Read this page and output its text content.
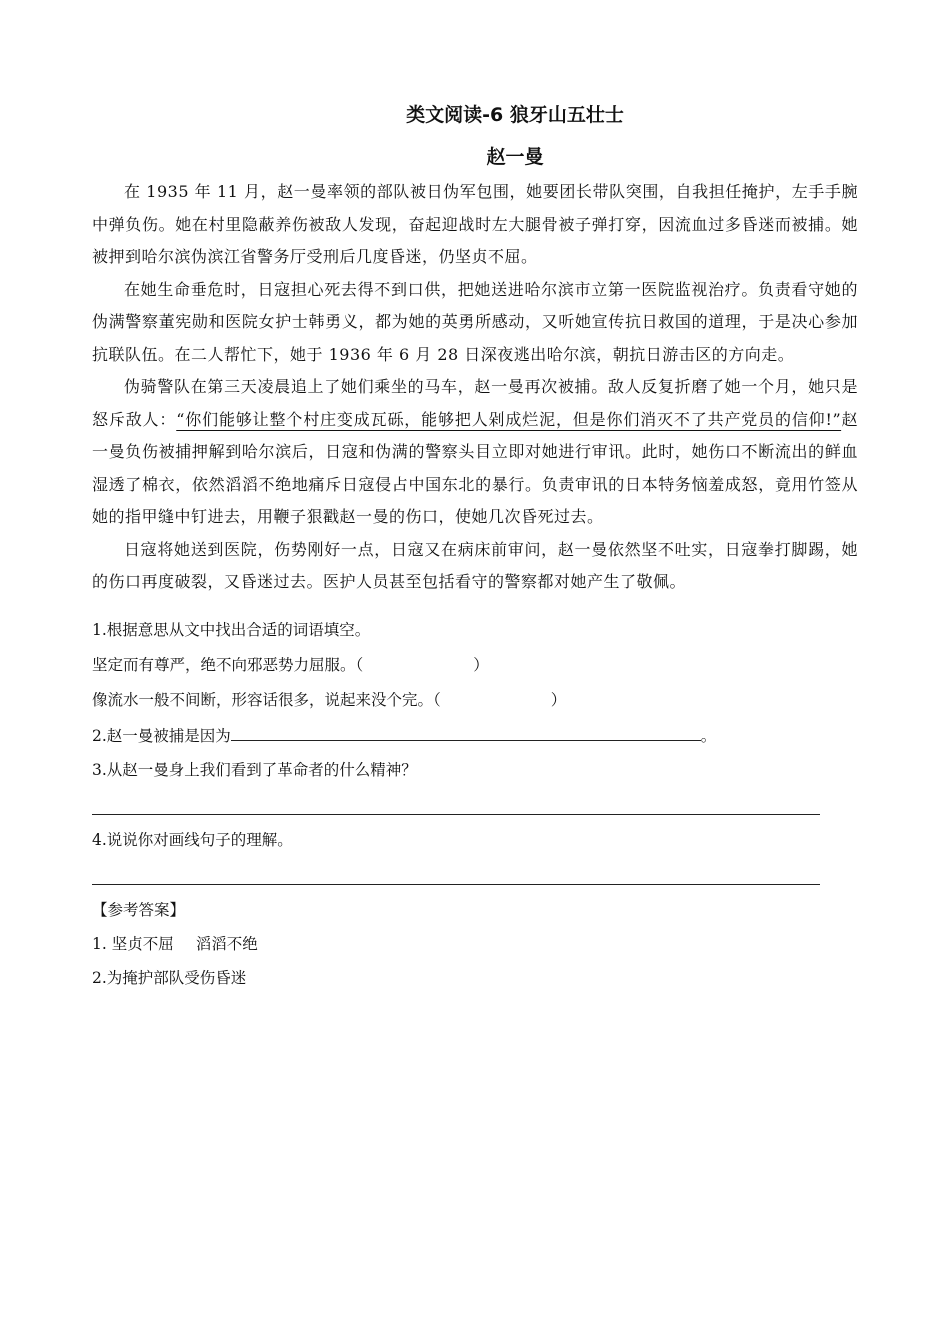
类文阅读-6 狼牙山五壮士
赵一曼

在 1935 年 11 月，赵一曼率领的部队被日伪军包围，她要团长带队突围，自我担任掩护，左手手腕中弹负伤。她在村里隐蔽养伤被敌人发现，奋起迎战时左大腿骨被子弹打穿，因流血过多昏迷而被捕。她被押到哈尔滨伪滨江省警务厅受刑后几度昏迷，仍坚贞不屈。

在她生命垂危时，日寇担心死去得不到口供，把她送进哈尔滨市立第一医院监视治疗。负责看守她的伪满警察董宪勋和医院女护士韩勇义，都为她的英勇所感动，又听她宣传抗日救国的道理，于是决心参加抗联队伍。在二人帮忙下，她于 1936 年 6 月 28 日深夜逃出哈尔滨，朝抗日游击区的方向走。

伪骑警队在第三天凌晨追上了她们乘坐的马车，赵一曼再次被捕。敌人反复折磨了她一个月，她只是怒斥敌人：“你们能够让整个村庄变成瓦砾，能够把人剁成烂泥，但是你们消灭不了共产党员的信仰!”赵一曼负伤被捕押解到哈尔滨后，日寇和伪满的警察头目立即对她进行审讯。此时，她伤口不断流出的鲜血湿透了棉衣，依然滔滔不绝地痛斥日寇侵占中国东北的暴行。负责审讯的日本特务恼羞成怒，竟用竹签从她的指甲缝中钉进去，用鞭子狠戳赵一曼的伤口，使她几次昏死过去。

日寇将她送到医院，伤势刚好一点，日寇又在病床前审问，赵一曼依然坚不吐实，日寇拳打脚踢，她的伤口再度破裂，又昏迷过去。医护人员甚至包括看守的警察都对她产生了敬佩。

1.根据意思从文中找出合适的词语填空。
坚定而有尊严，绝不向邪恶势力屈服。（	）
像流水一般不间断，形容话很多，说起来没个完。（	）
2.赵一曼被捕是因为	。
3.从赵一曼身上我们看到了革命者的什么精神？
4.说说你对画线句子的理解。
【参考答案】
1. 坚贞不屈 滔滔不绝
2.为掩护部队受伤昏迷
